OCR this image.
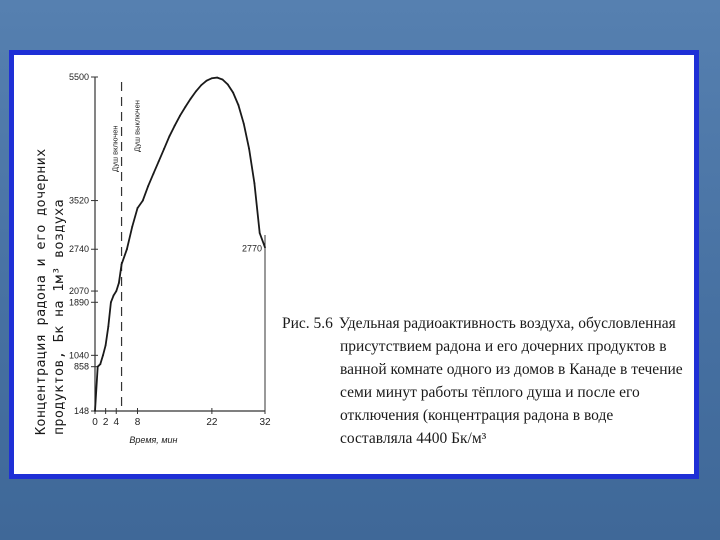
148
858
1040
1890
2070
2740
3520
5500
0 2 4 8	22	32
Время, мин
Душ включен Душ выключен
2770
Концентрация радона и его дочерних продуктов, Бк на 1м³ воздуха	Рис. 5.6 Удельная радиоактивность воздуха, обусловленная
присутствием радона и его дочерних продуктов в
ванной комнате одного из домов в Канаде в течение
семи минут работы тёплого душа и после его
отключения (концентрация радона в воде
составляла 4400 Бк/м³
